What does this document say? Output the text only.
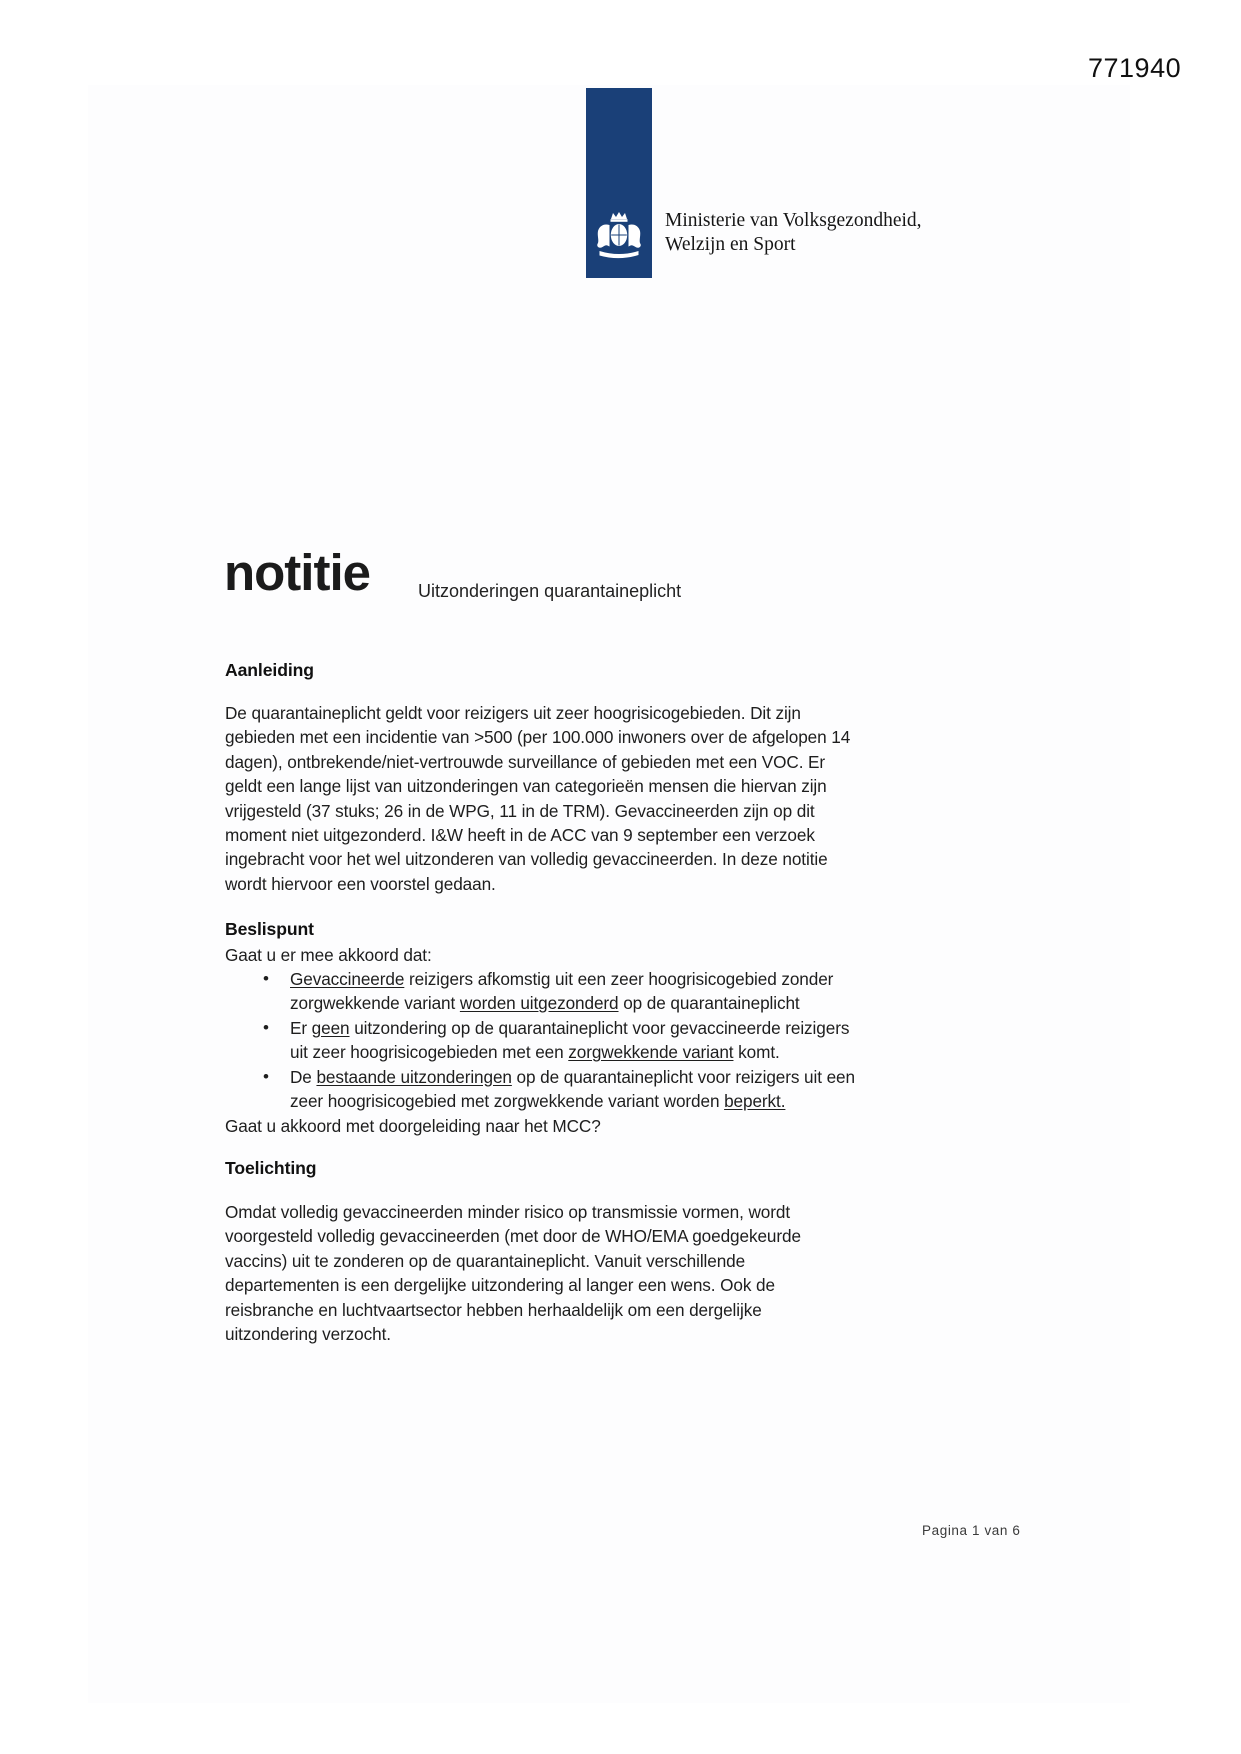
771940
Ministerie van Volksgezondheid,
Welzijn en Sport
notitie	Uitzonderingen quarantaineplicht
Aanleiding
De quarantaineplicht geldt voor reizigers uit zeer hoogrisicogebieden. Dit zijn
gebieden met een incidentie van >500 (per 100.000 inwoners over de afgelopen 14
dagen), ontbrekende/niet-vertrouwde surveillance of gebieden met een VOC. Er
geldt een lange lijst van uitzonderingen van categorieën mensen die hiervan zijn
vrijgesteld (37 stuks; 26 in de WPG, 11 in de TRM). Gevaccineerden zijn op dit
moment niet uitgezonderd. I&W heeft in de ACC van 9 september een verzoek
ingebracht voor het wel uitzonderen van volledig gevaccineerden. In deze notitie
wordt hiervoor een voorstel gedaan.
Beslispunt
Gaat u er mee akkoord dat:
• Gevaccineerde reizigers afkomstig uit een zeer hoogrisicogebied zonder
zorgwekkende variant worden uitgezonderd op de quarantaineplicht
• Er geen uitzondering op de quarantaineplicht voor gevaccineerde reizigers
uit zeer hoogrisicogebieden met een zorgwekkende variant komt.
• De bestaande uitzonderingen op de quarantaineplicht voor reizigers uit een
zeer hoogrisicogebied met zorgwekkende variant worden beperkt.
Gaat u akkoord met doorgeleiding naar het MCC?
Toelichting
Omdat volledig gevaccineerden minder risico op transmissie vormen, wordt
voorgesteld volledig gevaccineerden (met door de WHO/EMA goedgekeurde
vaccins) uit te zonderen op de quarantaineplicht. Vanuit verschillende
departementen is een dergelijke uitzondering al langer een wens. Ook de
reisbranche en luchtvaartsector hebben herhaaldelijk om een dergelijke
uitzondering verzocht.
Pagina 1 van 6
